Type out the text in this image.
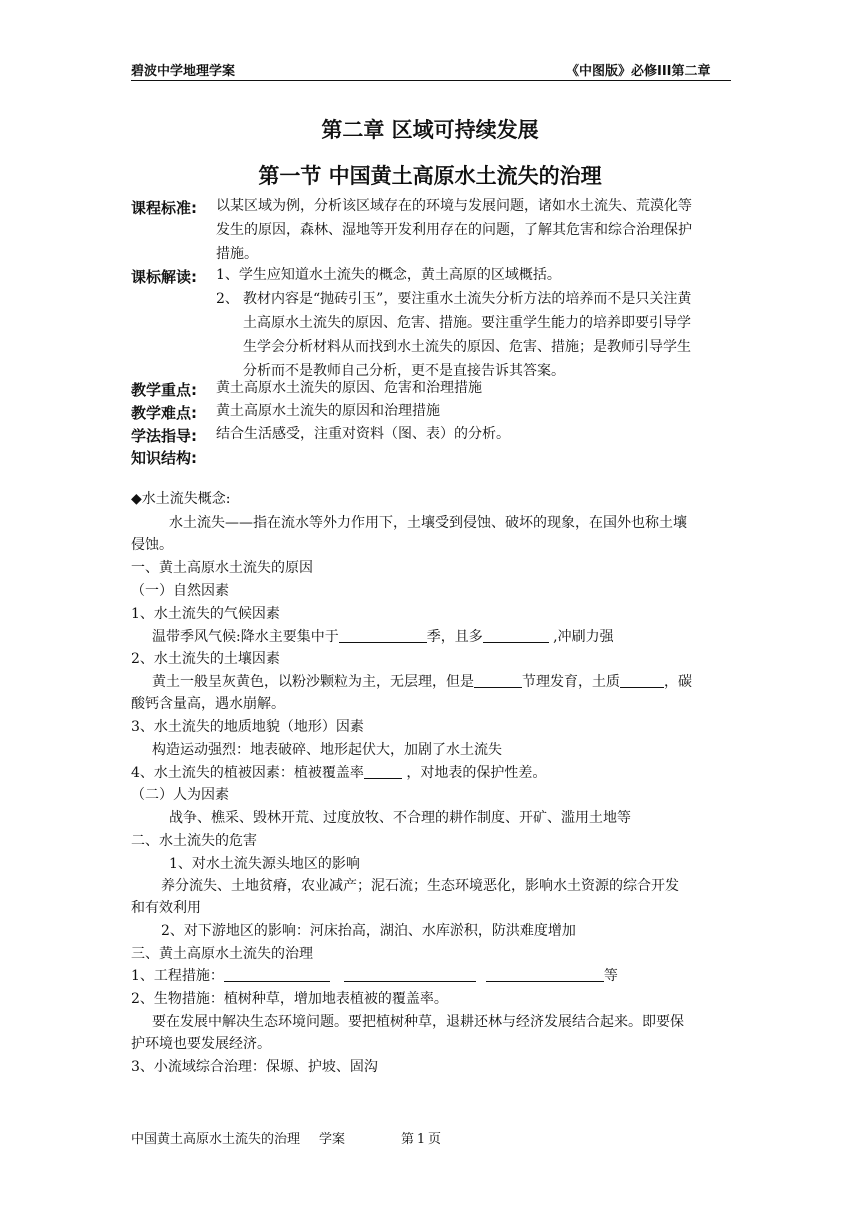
碧波中学地理学案	《中图版》必修III第二章
第二章 区域可持续发展
第一节 中国黄土高原水土流失的治理
课程标准: 以某区域为例，分析该区域存在的环境与发展问题，诸如水土流失、荒漠化等
发生的原因，森林、湿地等开发利用存在的问题，了解其危害和综合治理保护
措施。
课标解读: 1、学生应知道水土流失的概念，黄土高原的区域概括。
2、 教材内容是“抛砖引玉”，要注重水土流失分析方法的培养而不是只关注黄
土高原水土流失的原因、危害、措施。要注重学生能力的培养即要引导学
生学会分析材料从而找到水土流失的原因、危害、措施；是教师引导学生
分析而不是教师自己分析，更不是直接告诉其答案。
教学重点: 黄土高原水土流失的原因、危害和治理措施
教学难点: 黄土高原水土流失的原因和治理措施
学法指导: 结合生活感受，注重对资料（图、表）的分析。
知识结构:
◆水土流失概念:
水土流失——指在流水等外力作用下，土壤受到侵蚀、破坏的现象，在国外也称土壤
侵蚀。
一、黄土高原水土流失的原因
（一）自然因素
1、水土流失的气候因素
温带季风气候:降水主要集中于	季，且多	,冲刷力强
2、水土流失的土壤因素
黄土一般呈灰黄色，以粉沙颗粒为主，无层理，但是	节理发育，土质	，碳
酸钙含量高，遇水崩解。
3、水土流失的地质地貌（地形）因素
构造运动强烈：地表破碎、地形起伏大，加剧了水土流失
4、水土流失的植被因素：植被覆盖率	，对地表的保护性差。
（二）人为因素
战争、樵采、毁林开荒、过度放牧、不合理的耕作制度、开矿、滥用土地等
二、水土流失的危害
1、对水土流失源头地区的影响
养分流失、土地贫瘠，农业减产；泥石流；生态环境恶化，影响水土资源的综合开发
和有效利用
2、对下游地区的影响：河床抬高，湖泊、水库淤积，防洪难度增加
三、黄土高原水土流失的治理
1、工程措施：	等
2、生物措施：植树种草，增加地表植被的覆盖率。
要在发展中解决生态环境问题。要把植树种草，退耕还林与经济发展结合起来。即要保
护环境也要发展经济。
3、小流域综合治理：保塬、护坡、固沟
中国黄土高原水土流失的治理 学案	第 1 页
